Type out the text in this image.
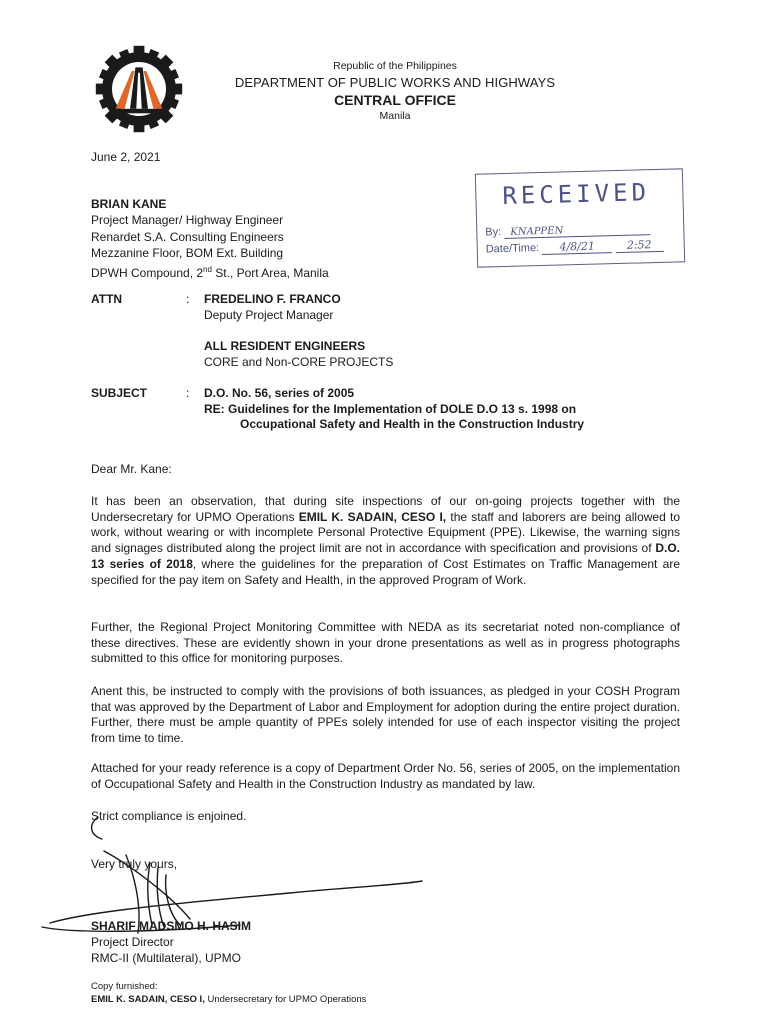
Republic of the Philippines
DEPARTMENT OF PUBLIC WORKS AND HIGHWAYS
CENTRAL OFFICE
Manila
June 2, 2021
BRIAN KANE
Project Manager/ Highway Engineer
Renardet S.A. Consulting Engineers
Mezzanine Floor, BOM Ext. Building
DPWH Compound, 2nd St., Port Area, Manila
RECEIVED
By: KNAPPEN
Date/Time: 4/8/21	2:52
ATTN	: FREDELINO F. FRANCO
Deputy Project Manager
ALL RESIDENT ENGINEERS
CORE and Non-CORE PROJECTS
SUBJECT	: D.O. No. 56, series of 2005
RE: Guidelines for the Implementation of DOLE D.O 13 s. 1998 on
Occupational Safety and Health in the Construction Industry
Dear Mr. Kane:

It has been an observation, that during site inspections of our on-going projects together with the Undersecretary for UPMO Operations EMIL K. SADAIN, CESO I, the staff and laborers are being allowed to work, without wearing or with incomplete Personal Protective Equipment (PPE). Likewise, the warning signs and signages distributed along the project limit are not in accordance with specification and provisions of D.O. 13 series of 2018, where the guidelines for the preparation of Cost Estimates on Traffic Management are specified for the pay item on Safety and Health, in the approved Program of Work.

Further, the Regional Project Monitoring Committee with NEDA as its secretariat noted non-compliance of these directives. These are evidently shown in your drone presentations as well as in progress photographs submitted to this office for monitoring purposes.

Anent this, be instructed to comply with the provisions of both issuances, as pledged in your COSH Program that was approved by the Department of Labor and Employment for adoption during the entire project duration. Further, there must be ample quantity of PPEs solely intended for use of each inspector visiting the project from time to time.

Attached for your ready reference is a copy of Department Order No. 56, series of 2005, on the implementation of Occupational Safety and Health in the Construction Industry as mandated by law.

Strict compliance is enjoined.
Very truly yours,
SHARIF MADSMO H. HASIM
Project Director
RMC-II (Multilateral), UPMO
Copy furnished:
EMIL K. SADAIN, CESO I, Undersecretary for UPMO Operations
